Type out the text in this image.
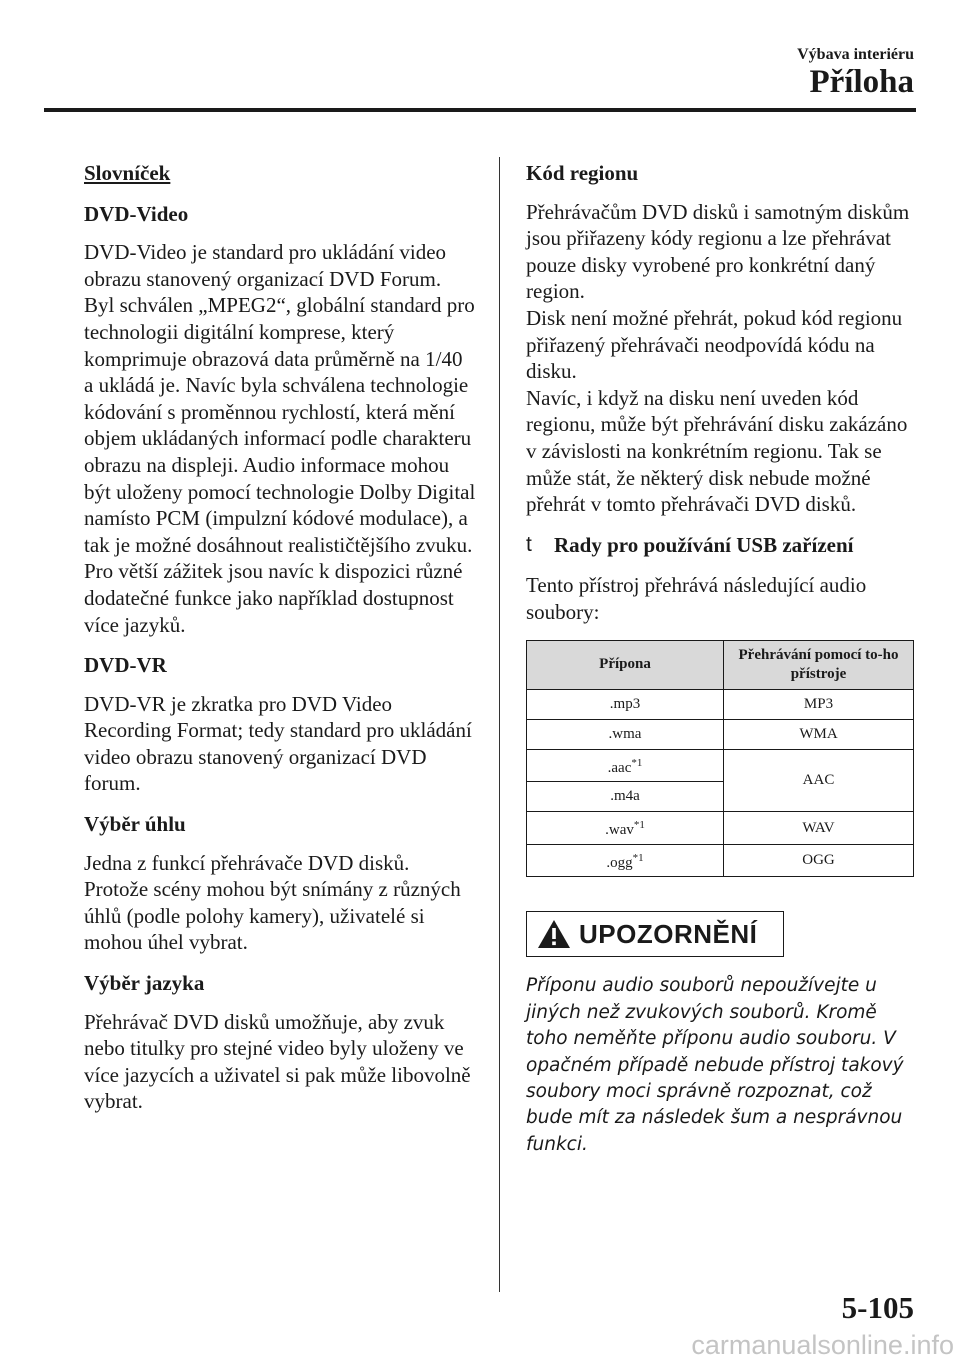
Výbava interiéru
Příloha
Slovníček
DVD-Video

DVD-Video je standard pro ukládání video obrazu stanovený organizací DVD Forum.
Byl schválen „MPEG2“, globální standard pro technologii digitální komprese, který komprimuje obrazová data průměrně na 1/40 a ukládá je. Navíc byla schválena technologie kódování s proměnnou rychlostí, která mění objem ukládaných informací podle charakteru obrazu na displeji. Audio informace mohou být uloženy pomocí technologie Dolby Digital namísto PCM (impulzní kódové modulace), a tak je možné dosáhnout realističtějšího zvuku.
Pro větší zážitek jsou navíc k dispozici různé dodatečné funkce jako například dostupnost více jazyků.

DVD-VR

DVD-VR je zkratka pro DVD Video Recording Format; tedy standard pro ukládání video obrazu stanovený organizací DVD forum.

Výběr úhlu

Jedna z funkcí přehrávače DVD disků. Protože scény mohou být snímány z různých úhlů (podle polohy kamery), uživatelé si mohou úhel vybrat.

Výběr jazyka

Přehrávač DVD disků umožňuje, aby zvuk nebo titulky pro stejné video byly uloženy ve více jazycích a uživatel si pak může libovolně vybrat.

Kód regionu

Přehrávačům DVD disků i samotným diskům jsou přiřazeny kódy regionu a lze přehrávat pouze disky vyrobené pro konkrétní daný region.
Disk není možné přehrát, pokud kód regionu přiřazený přehrávači neodpovídá kódu na disku.
Navíc, i když na disku není uveden kód regionu, může být přehrávání disku zakázáno v závislosti na konkrétním regionu. Tak se může stát, že některý disk nebude možné přehrát v tomto přehrávači DVD disků.

t	Rady pro používání USB zařízení

Tento přístroj přehrává následující audio soubory:

Přípona	Přehrávání pomocí to-ho přístroje
.mp3	MP3
.wma	WMA
.aac$^{*1}$	AAC
.m4a	
.wav$^{*1}$	WAV
.ogg$^{*1}$	OGG
UPOZORNĚNÍ
Příponu audio souborů nepoužívejte u jiných než zvukových souborů. Kromě toho neměňte příponu audio souboru. V opačném případě nebude přístroj takový soubory moci správně rozpoznat, což bude mít za následek šum a nesprávnou funkci.
5-105
carmanualsonline.info
